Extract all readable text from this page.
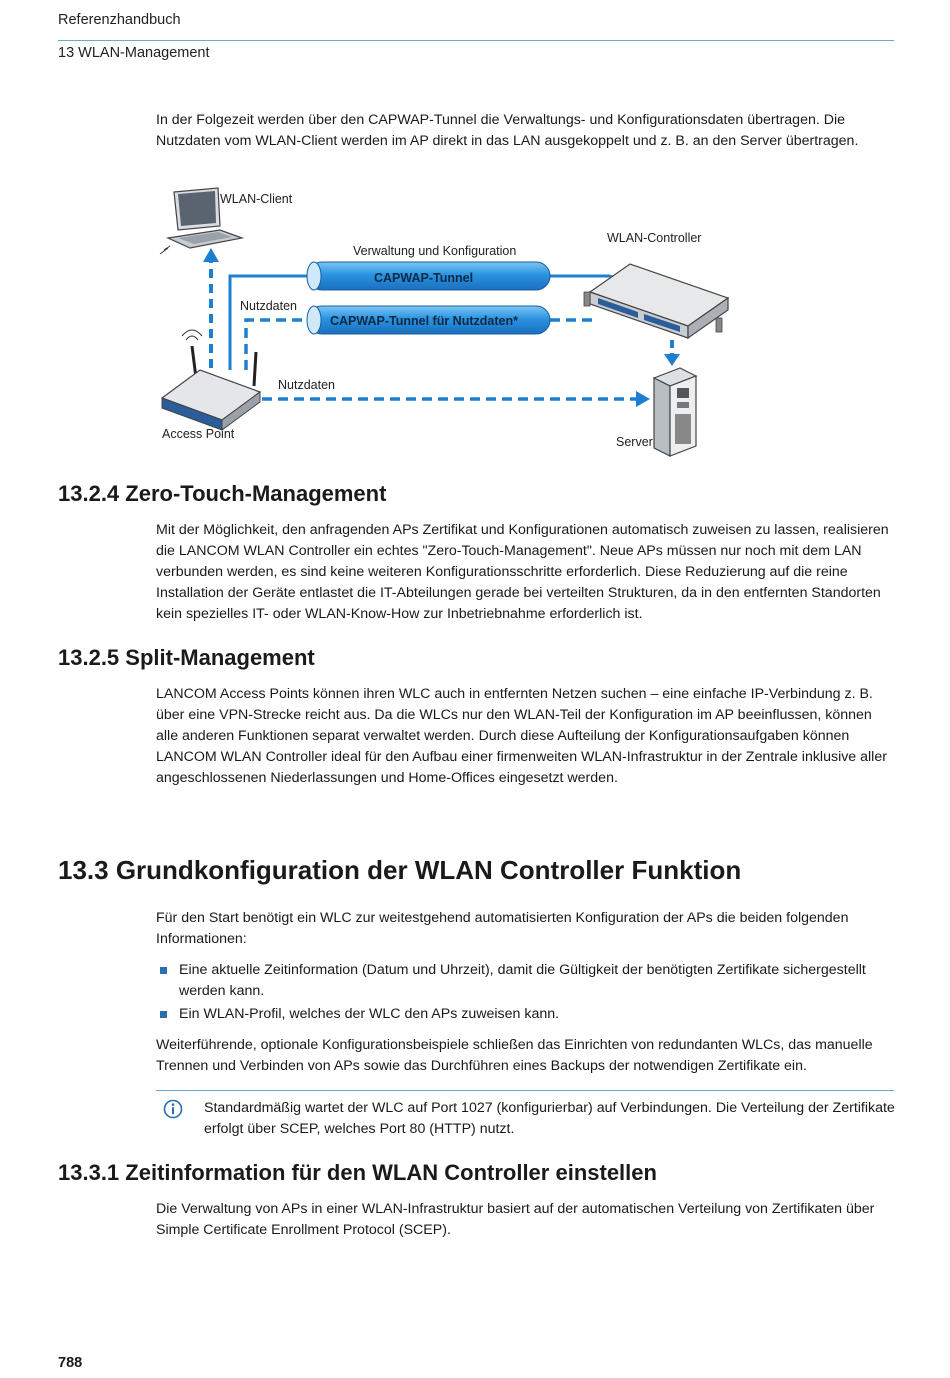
Referenzhandbuch
13 WLAN-Management
In der Folgezeit werden über den CAPWAP-Tunnel die Verwaltungs- und Konfigurationsdaten übertragen. Die Nutzdaten vom WLAN-Client werden im AP direkt in das LAN ausgekoppelt und z. B. an den Server übertragen.
WLAN-Client
CAPWAP-Tunnel
CAPWAP-Tunnel für Nutzdaten*
Verwaltung und Konfiguration
Nutzdaten
WLAN-Controller
Access Point
Nutzdaten
Server
13.2.4 Zero-Touch-Management
Mit der Möglichkeit, den anfragenden APs Zertifikat und Konfigurationen automatisch zuweisen zu lassen, realisieren die LANCOM WLAN Controller ein echtes "Zero-Touch-Management". Neue APs müssen nur noch mit dem LAN verbunden werden, es sind keine weiteren Konfigurationsschritte erforderlich. Diese Reduzierung auf die reine Installation der Geräte entlastet die IT-Abteilungen gerade bei verteilten Strukturen, da in den entfernten Standorten kein spezielles IT- oder WLAN-Know-How zur Inbetriebnahme erforderlich ist.
13.2.5 Split-Management
LANCOM Access Points können ihren WLC auch in entfernten Netzen suchen – eine einfache IP-Verbindung z. B. über eine VPN-Strecke reicht aus. Da die WLCs nur den WLAN-Teil der Konfiguration im AP beeinflussen, können alle anderen Funktionen separat verwaltet werden. Durch diese Aufteilung der Konfigurationsaufgaben können LANCOM WLAN Controller ideal für den Aufbau einer firmenweiten WLAN-Infrastruktur in der Zentrale inklusive aller angeschlossenen Niederlassungen und Home-Offices eingesetzt werden.
13.3 Grundkonfiguration der WLAN Controller Funktion
Für den Start benötigt ein WLC zur weitestgehend automatisierten Konfiguration der APs die beiden folgenden Informationen:
Eine aktuelle Zeitinformation (Datum und Uhrzeit), damit die Gültigkeit der benötigten Zertifikate sichergestellt werden kann.
Ein WLAN-Profil, welches der WLC den APs zuweisen kann.
Weiterführende, optionale Konfigurationsbeispiele schließen das Einrichten von redundanten WLCs, das manuelle Trennen und Verbinden von APs sowie das Durchführen eines Backups der notwendigen Zertifikate ein.
Standardmäßig wartet der WLC auf Port 1027 (konfigurierbar) auf Verbindungen. Die Verteilung der Zertifikate erfolgt über SCEP, welches Port 80 (HTTP) nutzt.
13.3.1 Zeitinformation für den WLAN Controller einstellen
Die Verwaltung von APs in einer WLAN-Infrastruktur basiert auf der automatischen Verteilung von Zertifikaten über Simple Certificate Enrollment Protocol (SCEP).
788
